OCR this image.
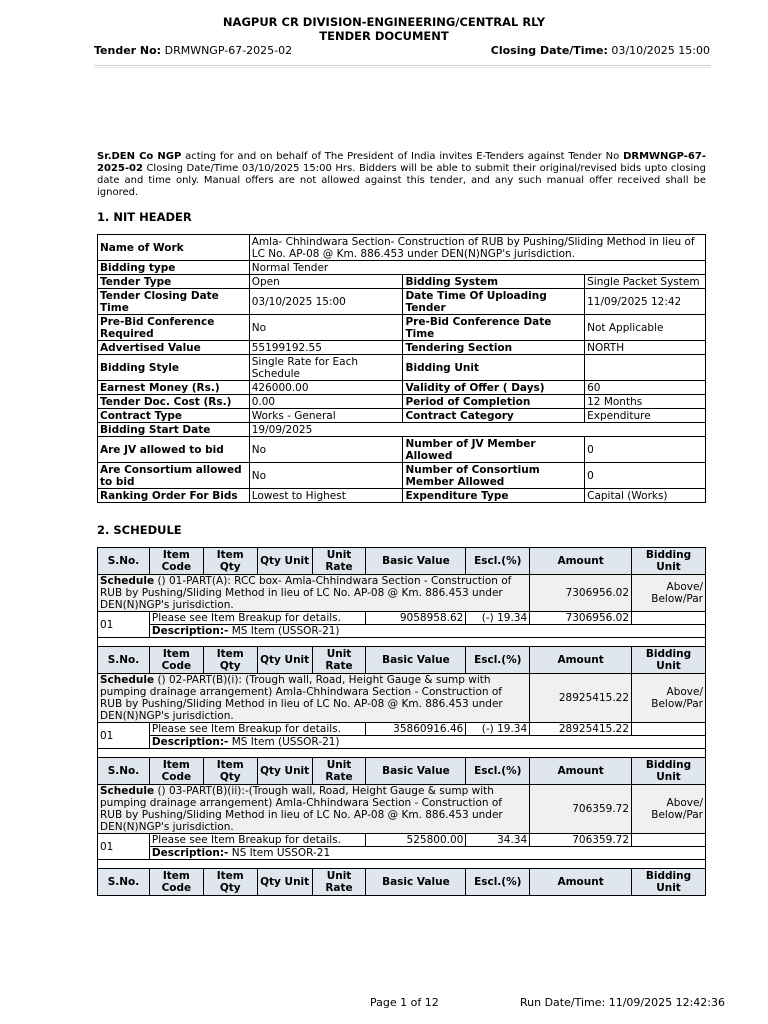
NAGPUR CR DIVISION-ENGINEERING/CENTRAL RLY
TENDER DOCUMENT
Tender No: DRMWNGP-67-2025-02	Closing Date/Time: 03/10/2025 15:00
Sr.DEN Co NGP acting for and on behalf of The President of India invites E-Tenders against Tender No DRMWNGP-67-2025-02 Closing Date/Time 03/10/2025 15:00 Hrs. Bidders will be able to submit their original/revised bids upto closing date and time only. Manual offers are not allowed against this tender, and any such manual offer received shall be ignored.
1. NIT HEADER
Name of Work	Amla- Chhindwara Section- Construction of RUB by Pushing/Sliding Method in lieu of LC No. AP-08 @ Km. 886.453 under DEN(N)NGP's jurisdiction.		
Bidding type	Normal Tender		
Tender Type	Open	Bidding System	Single Packet System
Tender Closing Date Time	03/10/2025 15:00	Date Time Of Uploading Tender	11/09/2025 12:42
Pre-Bid Conference Required	No	Pre-Bid Conference Date Time	Not Applicable
Advertised Value	55199192.55	Tendering Section	NORTH
Bidding Style	Single Rate for Each Schedule	Bidding Unit	
Earnest Money (Rs.)	426000.00	Validity of Offer ( Days)	60
Tender Doc. Cost (Rs.)	0.00	Period of Completion	12 Months
Contract Type	Works - General	Contract Category	Expenditure
Bidding Start Date	19/09/2025		
Are JV allowed to bid	No	Number of JV Member Allowed	0
Are Consortium allowed to bid	No	Number of Consortium Member Allowed	0
Ranking Order For Bids	Lowest to Highest	Expenditure Type	Capital (Works)
2. SCHEDULE
S.No.	Item Code	Item Qty	Qty Unit	Unit Rate	Basic Value	Escl.(%)	Amount	Bidding Unit
Schedule () 01-PART(A): RCC box- Amla-Chhindwara Section - Construction of RUB by Pushing/Sliding Method in lieu of LC No. AP-08 @ Km. 886.453 under DEN(N)NGP's jurisdiction.							7306956.02	Above/ Below/Par
01	Please see Item Breakup for details.				9058958.62	(-) 19.34	7306956.02	
	Description:- MS Item (USSOR-21)							

S.No.	Item Code	Item Qty	Qty Unit	Unit Rate	Basic Value	Escl.(%)	Amount	Bidding Unit
Schedule () 02-PART(B)(i): (Trough wall, Road, Height Gauge & sump with pumping drainage arrangement) Amla-Chhindwara Section - Construction of RUB by Pushing/Sliding Method in lieu of LC No. AP-08 @ Km. 886.453 under DEN(N)NGP's jurisdiction.							28925415.22	Above/ Below/Par
01	Please see Item Breakup for details.				35860916.46	(-) 19.34	28925415.22	
	Description:- MS Item (USSOR-21)							

S.No.	Item Code	Item Qty	Qty Unit	Unit Rate	Basic Value	Escl.(%)	Amount	Bidding Unit
Schedule () 03-PART(B)(ii):-(Trough wall, Road, Height Gauge & sump with pumping drainage arrangement) Amla-Chhindwara Section - Construction of RUB by Pushing/Sliding Method in lieu of LC No. AP-08 @ Km. 886.453 under DEN(N)NGP's jurisdiction.							706359.72	Above/ Below/Par
01	Please see Item Breakup for details.				525800.00	34.34	706359.72	
	Description:- NS Item USSOR-21							

S.No.	Item Code	Item Qty	Qty Unit	Unit Rate	Basic Value	Escl.(%)	Amount	Bidding Unit
Page 1 of 12	Run Date/Time: 11/09/2025 12:42:36
